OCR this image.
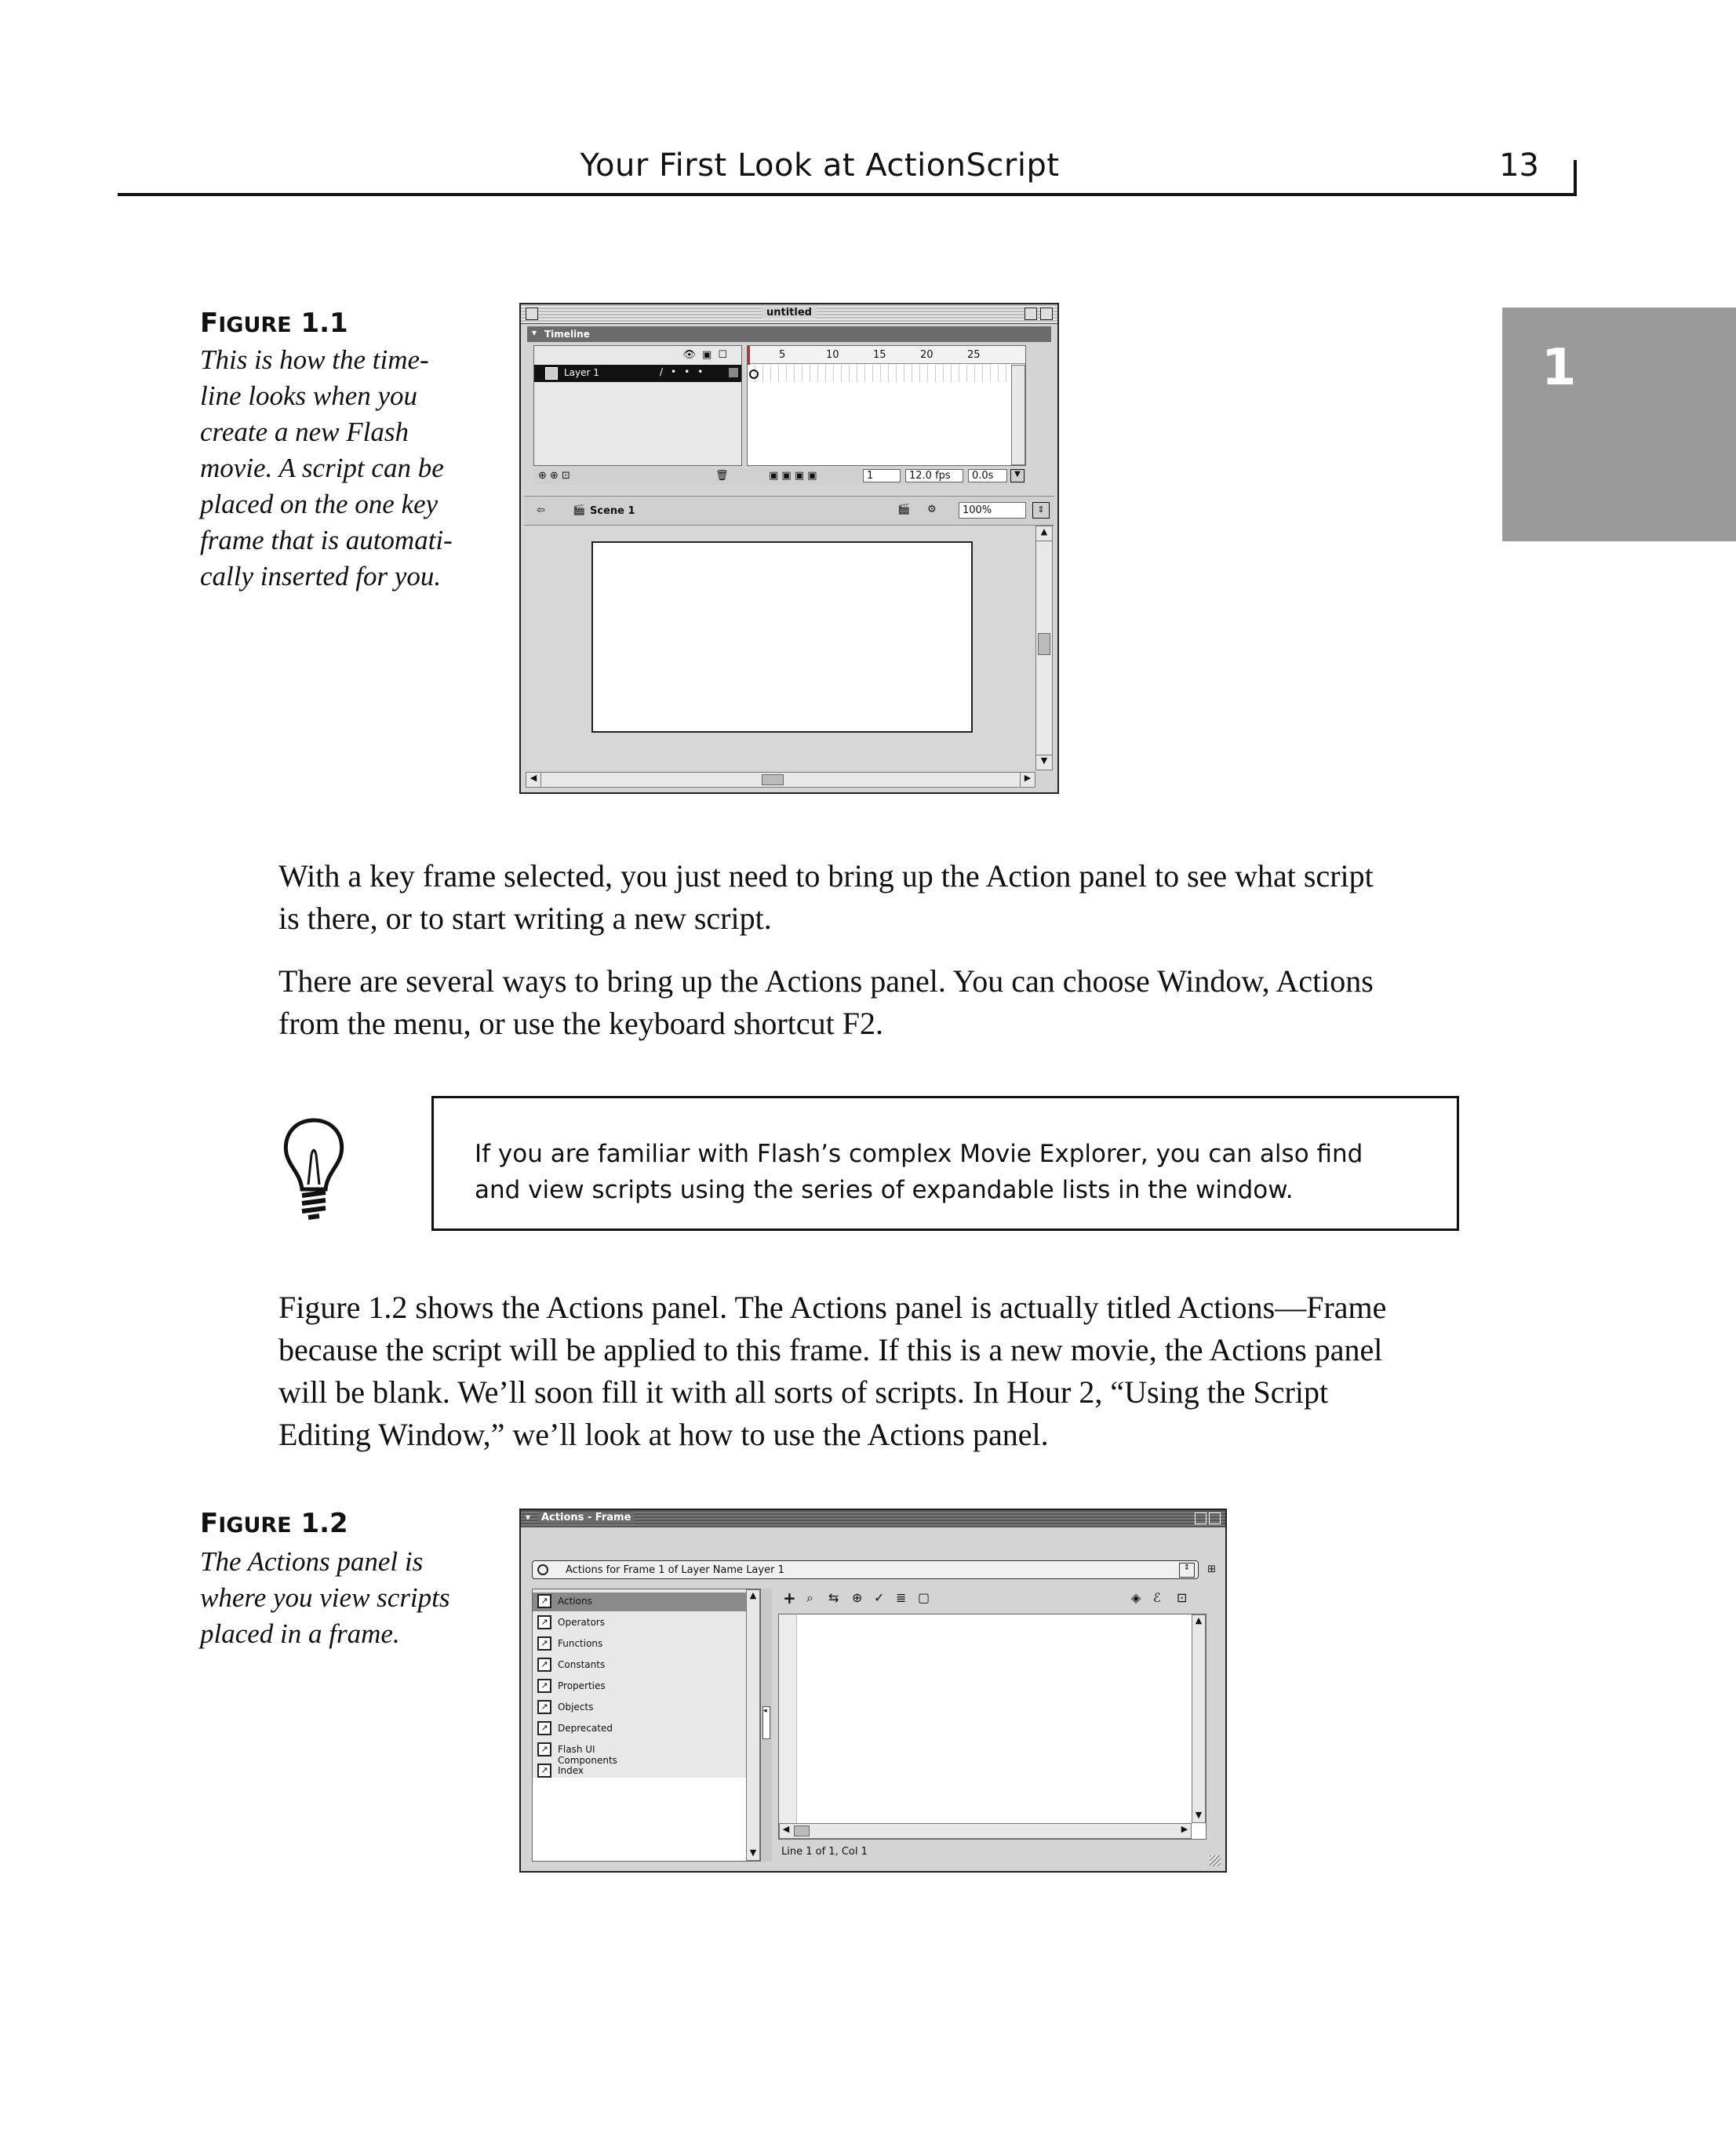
Your First Look at ActionScript	13
1
FIGURE 1.1
This is how the time-
line looks when you
create a new Flash
movie. A script can be
placed on the one key
frame that is automati-
cally inserted for you.
untitled
▾ Timeline
👁▣☐
Layer 1	/•••
5	10	15	20	25
⊕ ⊕ ⊡	🗑	▣ ▣ ▣ ▣	1	12.0 fps	0.0s	▼
⇦	🎬 Scene 1	🎬 ⚙	100%	⇕
▲
▼
◀	▶
With a key frame selected, you just need to bring up the Action panel to see what script
is there, or to start writing a new script.
There are several ways to bring up the Actions panel. You can choose Window, Actions
from the menu, or use the keyboard shortcut F2.
If you are familiar with Flash’s complex Movie Explorer, you can also find
and view scripts using the series of expandable lists in the window.
Figure 1.2 shows the Actions panel. The Actions panel is actually titled Actions—Frame
because the script will be applied to this frame. If this is a new movie, the Actions panel
will be blank. We’ll soon fill it with all sorts of scripts. In Hour 2, “Using the Script
Editing Window,” we’ll look at how to use the Actions panel.
FIGURE 1.2
The Actions panel is
where you view scripts
placed in a frame.
▾	Actions - Frame
Actions for Frame 1 of Layer Name Layer 1	⇕	⊞
↗	Actions
↗	Operators
↗	Functions
↗	Constants
↗	Properties
↗	Objects
↗	Deprecated
↗	Flash UI Components
↗	Index
▲
▼
◂
+ ⌕ ⇆ ⊕ ✓ ≣ ▢	◈ ℰ ⊡
▲
▼
◀	▶
Line 1 of 1, Col 1
